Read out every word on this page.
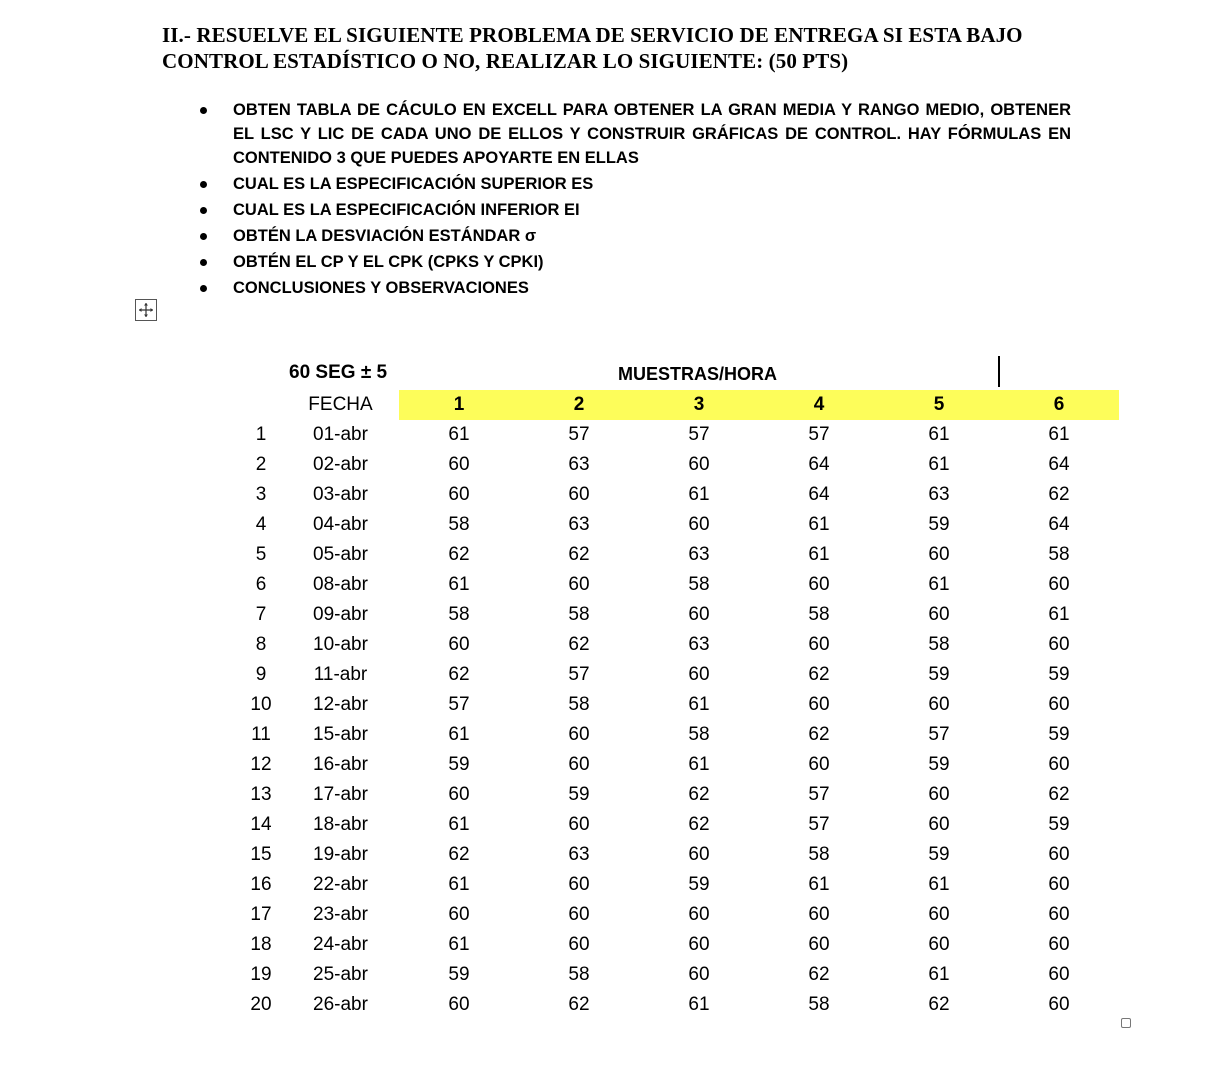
II.- RESUELVE EL SIGUIENTE PROBLEMA DE SERVICIO DE ENTREGA SI ESTA BAJO
CONTROL ESTADÍSTICO O NO, REALIZAR LO SIGUIENTE: (50 PTS)
OBTEN TABLA DE CÁCULO EN EXCELL PARA OBTENER LA GRAN MEDIA Y RANGO MEDIO, OBTENER EL LSC Y LIC DE CADA UNO DE ELLOS Y CONSTRUIR GRÁFICAS DE CONTROL. HAY FÓRMULAS EN CONTENIDO 3 QUE PUEDES APOYARTE EN ELLAS
CUAL ES LA ESPECIFICACIÓN SUPERIOR ES
CUAL ES LA ESPECIFICACIÓN INFERIOR EI
OBTÉN LA DESVIACIÓN ESTÁNDAR σ
OBTÉN EL CP Y EL CPK (CPKS Y CPKI)
CONCLUSIONES Y OBSERVACIONES
60 SEG ± 5	MUESTRAS/HORA
	FECHA	1	2	3	4	5	6
1	01-abr	61	57	57	57	61	61
2	02-abr	60	63	60	64	61	64
3	03-abr	60	60	61	64	63	62
4	04-abr	58	63	60	61	59	64
5	05-abr	62	62	63	61	60	58
6	08-abr	61	60	58	60	61	60
7	09-abr	58	58	60	58	60	61
8	10-abr	60	62	63	60	58	60
9	11-abr	62	57	60	62	59	59
10	12-abr	57	58	61	60	60	60
11	15-abr	61	60	58	62	57	59
12	16-abr	59	60	61	60	59	60
13	17-abr	60	59	62	57	60	62
14	18-abr	61	60	62	57	60	59
15	19-abr	62	63	60	58	59	60
16	22-abr	61	60	59	61	61	60
17	23-abr	60	60	60	60	60	60
18	24-abr	61	60	60	60	60	60
19	25-abr	59	58	60	62	61	60
20	26-abr	60	62	61	58	62	60
